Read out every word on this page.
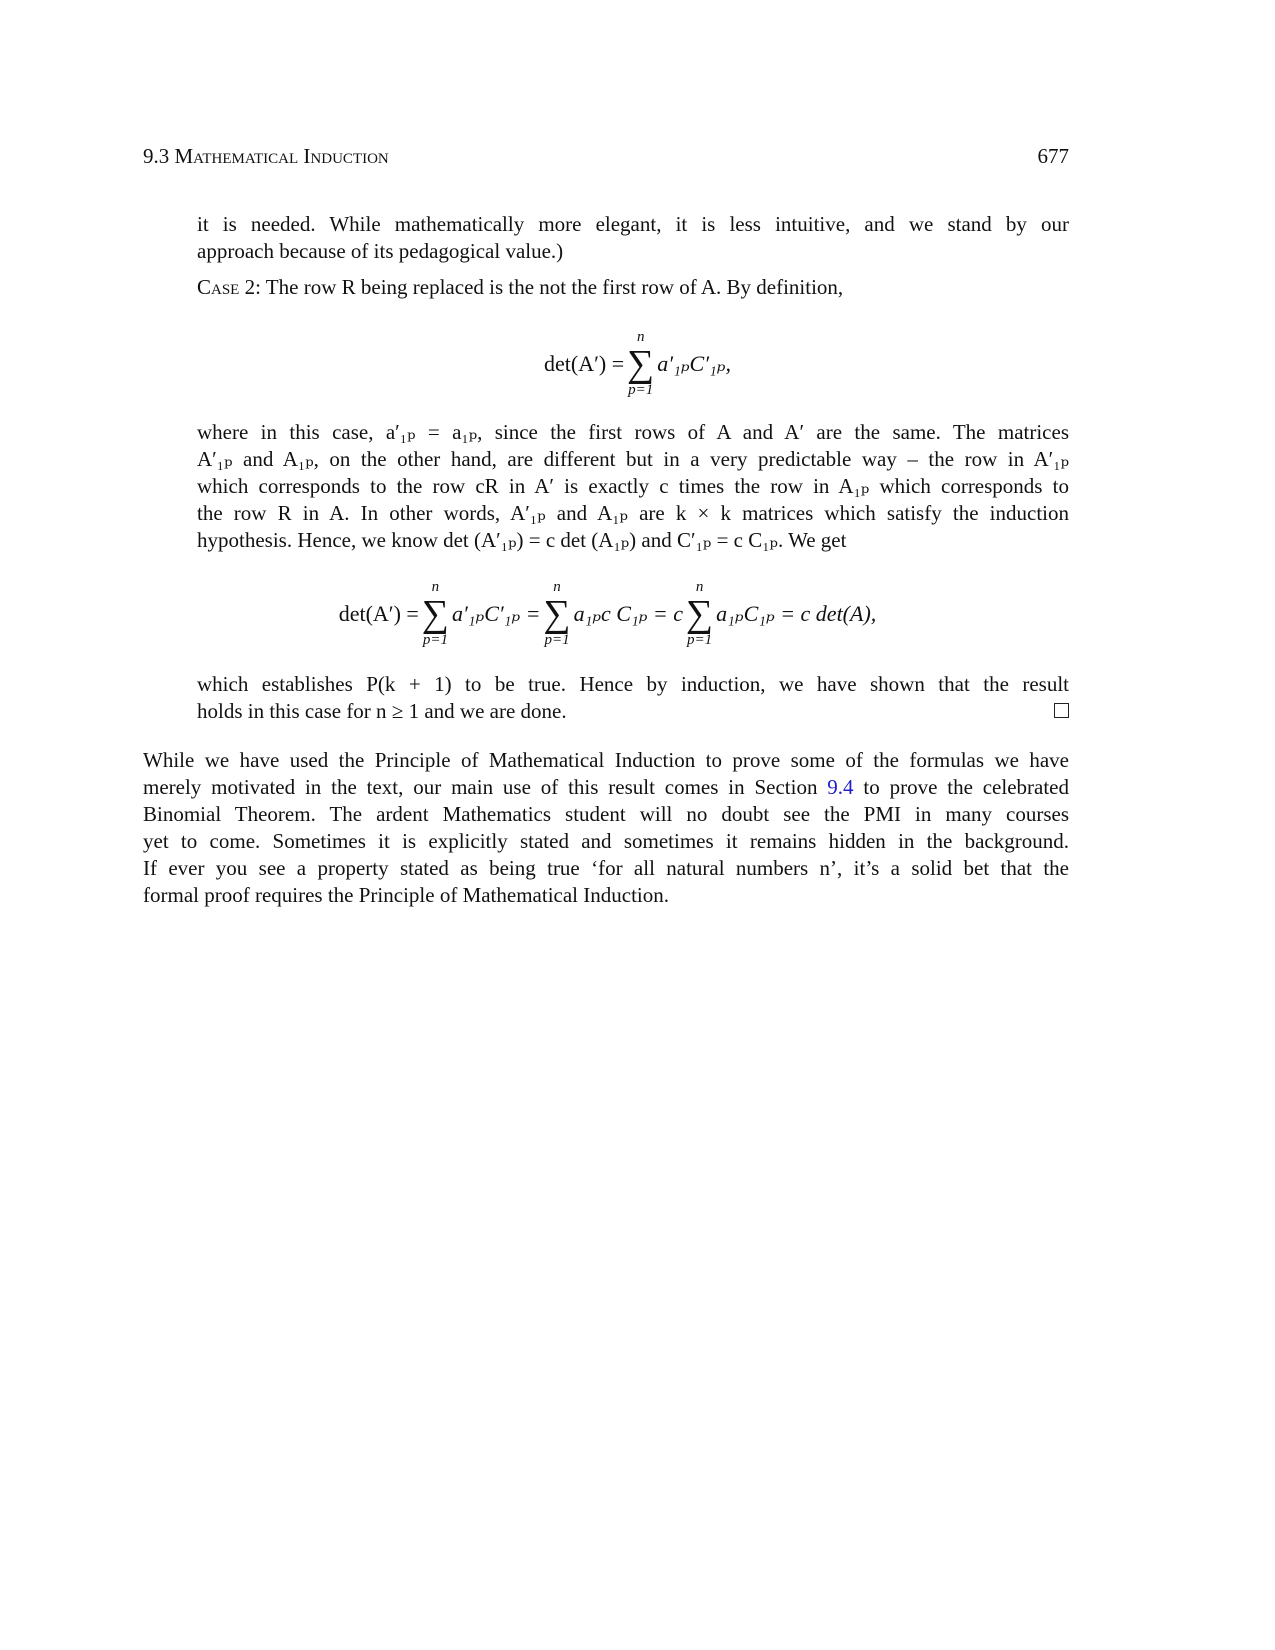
9.3 Mathematical Induction	677
it is needed. While mathematically more elegant, it is less intuitive, and we stand by our
approach because of its pedagogical value.)
Case 2: The row R being replaced is the not the first row of A. By definition,
det(A′) =
n
∑
p=1
a′₁ₚC′₁ₚ,
where in this case, a′₁ₚ = a₁ₚ, since the first rows of A and A′ are the same. The matrices
A′₁ₚ and A₁ₚ, on the other hand, are different but in a very predictable way – the row in A′₁ₚ
which corresponds to the row cR in A′ is exactly c times the row in A₁ₚ which corresponds to
the row R in A. In other words, A′₁ₚ and A₁ₚ are k × k matrices which satisfy the induction
hypothesis. Hence, we know det (A′₁ₚ) = c det (A₁ₚ) and C′₁ₚ = c C₁ₚ. We get
det(A′) =
n
∑
p=1
a′₁ₚC′₁ₚ =
n
∑
p=1
a₁ₚc C₁ₚ = c
n
∑
p=1
a₁ₚC₁ₚ = c det(A),
which establishes P(k + 1) to be true. Hence by induction, we have shown that the result
holds in this case for n ≥ 1 and we are done.
While we have used the Principle of Mathematical Induction to prove some of the formulas we have
merely motivated in the text, our main use of this result comes in Section 9.4 to prove the celebrated
Binomial Theorem. The ardent Mathematics student will no doubt see the PMI in many courses
yet to come. Sometimes it is explicitly stated and sometimes it remains hidden in the background.
If ever you see a property stated as being true ‘for all natural numbers n’, it’s a solid bet that the
formal proof requires the Principle of Mathematical Induction.
